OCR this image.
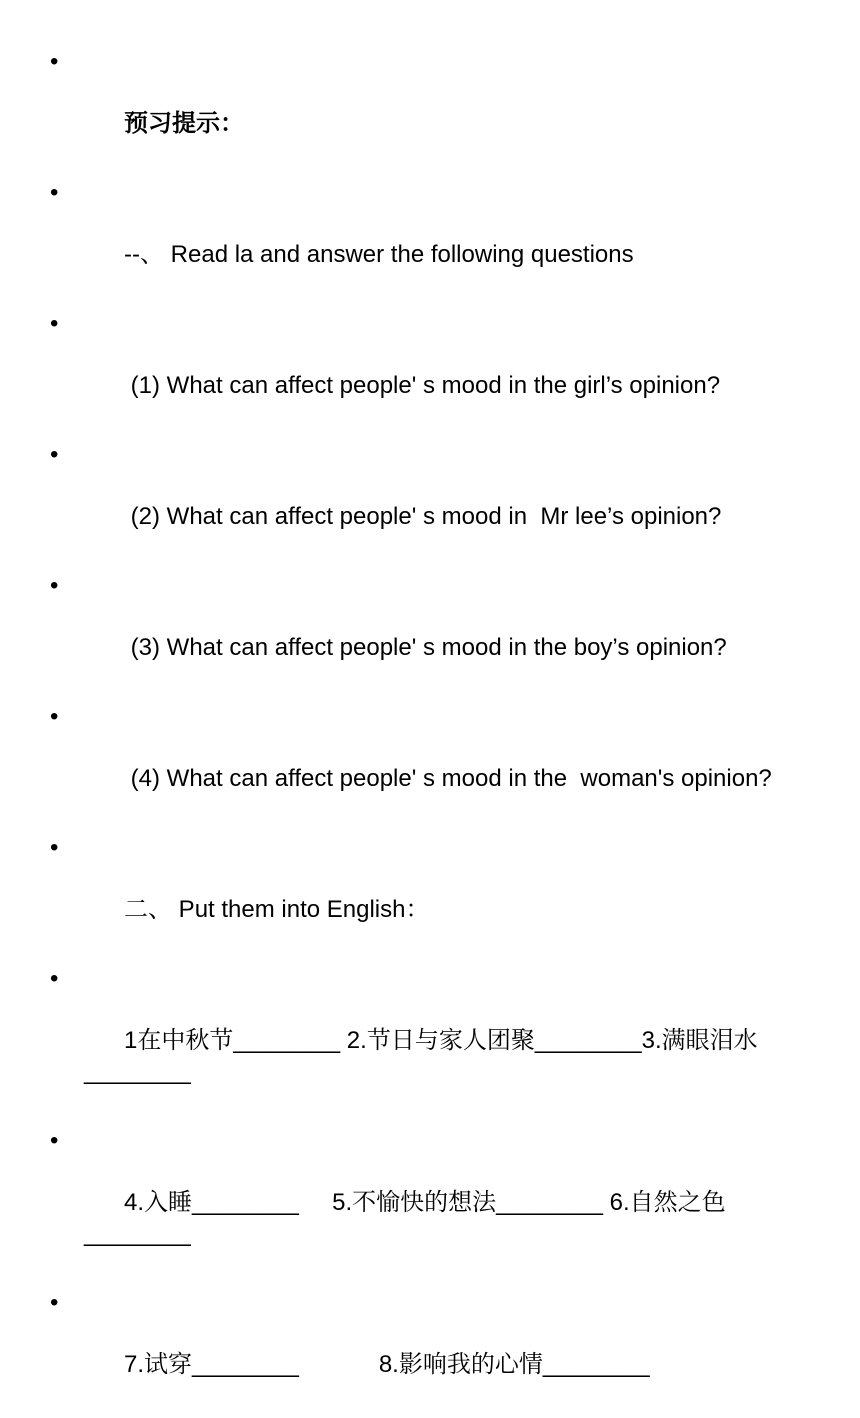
•

预习提示：

•

--、 Read la and answer the following questions

•

(1) What can affect people' s mood in the girl’s opinion?

•

(2) What can affect people' s mood in  Mr lee’s opinion?

•

(3) What can affect people' s mood in the boy’s opinion?

•

(4) What can affect people' s mood in the  woman's opinion?

•

二、 Put them into English：

•

1在中秋节________ 2.节日与家人团聚________3.满眼泪水________

•

4.入睡________     5.不愉快的想法________ 6.自然之色________

•

7.试穿________            8.影响我的心情________
